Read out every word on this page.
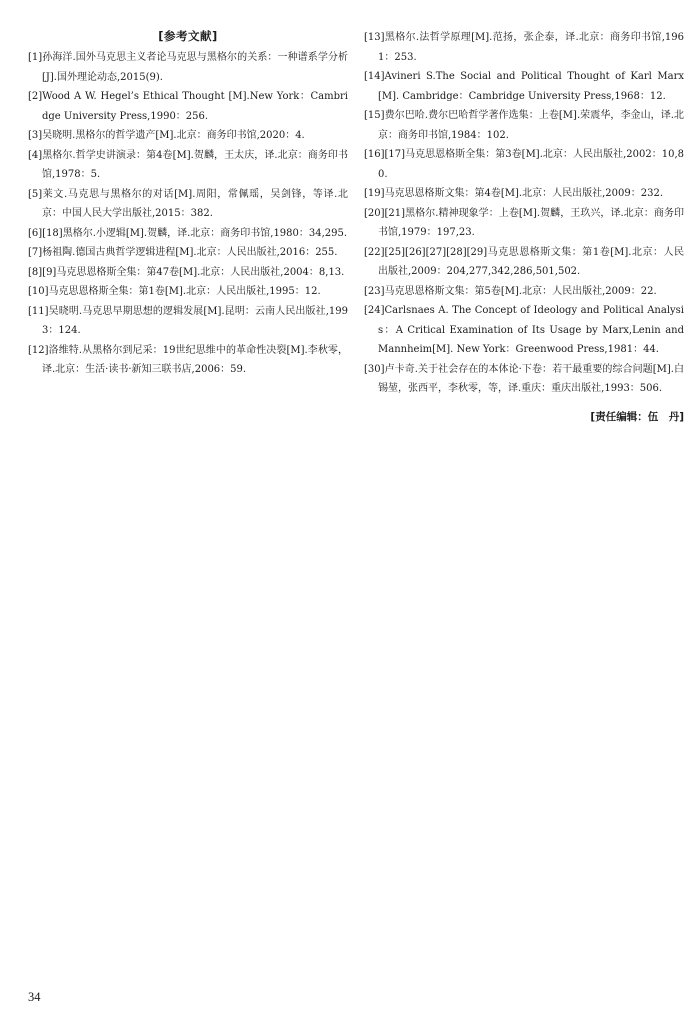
[参考文献]

[1]孙海洋.国外马克思主义者论马克思与黑格尔的关系：一种谱系学分析[J].国外理论动态,2015(9).

[2]Wood A W. Hegel’s Ethical Thought [M].New York：Cambridge University Press,1990：256.

[3]吴晓明.黑格尔的哲学遗产[M].北京：商务印书馆,2020：4.

[4]黑格尔.哲学史讲演录：第4卷[M].贺麟，王太庆，译.北京：商务印书馆,1978：5.

[5]莱文.马克思与黑格尔的对话[M].周阳，常佩瑶，吴剑锋，等译.北京：中国人民大学出版社,2015：382.

[6][18]黑格尔.小逻辑[M].贺麟，译.北京：商务印书馆,1980：34,295.

[7]杨祖陶.德国古典哲学逻辑进程[M].北京：人民出版社,2016：255.

[8][9]马克思恩格斯全集：第47卷[M].北京：人民出版社,2004：8,13.

[10]马克思恩格斯全集：第1卷[M].北京：人民出版社,1995：12.

[11]吴晓明.马克思早期思想的逻辑发展[M].昆明：云南人民出版社,1993：124.

[12]洛维特.从黑格尔到尼采：19世纪思维中的革命性决裂[M].李秋零，译.北京：生活·读书·新知三联书店,2006：59.

[13]黑格尔.法哲学原理[M].范扬，张企泰，译.北京：商务印书馆,1961：253.

[14]Avineri S.The Social and Political Thought of Karl Marx [M]. Cambridge：Cambridge University Press,1968：12.

[15]费尔巴哈.费尔巴哈哲学著作选集：上卷[M].荣震华，李金山，译.北京：商务印书馆,1984：102.

[16][17]马克思恩格斯全集：第3卷[M].北京：人民出版社,2002：10,80.

[19]马克思恩格斯文集：第4卷[M].北京：人民出版社,2009：232.

[20][21]黑格尔.精神现象学：上卷[M].贺麟，王玖兴，译.北京：商务印书馆,1979：197,23.

[22][25][26][27][28][29]马克思恩格斯文集：第1卷[M].北京：人民出版社,2009：204,277,342,286,501,502.

[23]马克思恩格斯文集：第5卷[M].北京：人民出版社,2009：22.

[24]Carlsnaes A. The Concept of Ideology and Political Analysis：A Critical Examination of Its Usage by Marx,Lenin and Mannheim[M]. New York：Greenwood Press,1981：44.

[30]卢卡奇.关于社会存在的本体论·下卷：若干最重要的综合问题[M].白锡堃，张西平，李秋零，等，译.重庆：重庆出版社,1993：506.

[责任编辑：伍　丹]
34
